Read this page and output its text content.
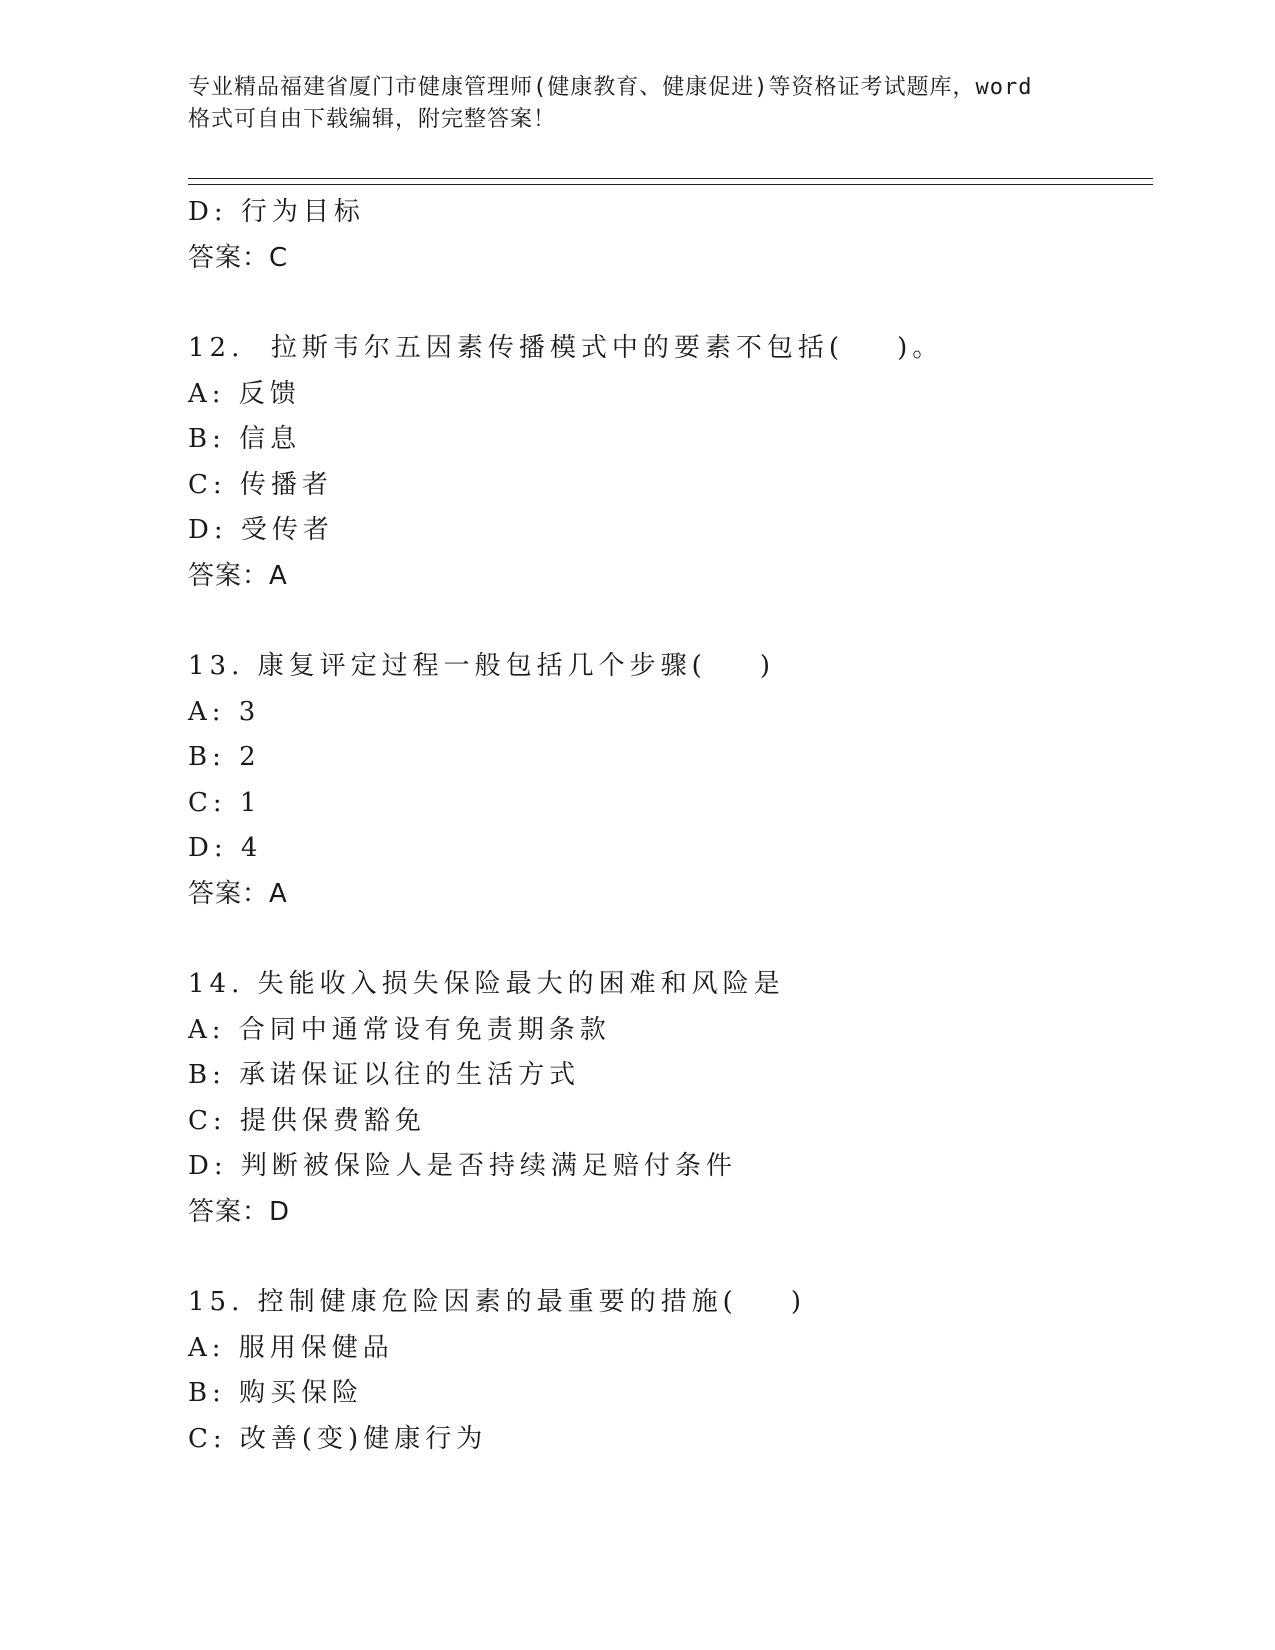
专业精品福建省厦门市健康管理师(健康教育、健康促进)等资格证考试题库，word
格式可自由下载编辑，附完整答案！
D: 行为目标
答案：C
12.  拉斯韦尔五因素传播模式中的要素不包括(    )。
A: 反馈
B: 信息
C: 传播者
D: 受传者
答案：A
13. 康复评定过程一般包括几个步骤(    )
A: 3
B: 2
C: 1
D: 4
答案：A
14. 失能收入损失保险最大的困难和风险是
A: 合同中通常设有免责期条款
B: 承诺保证以往的生活方式
C: 提供保费豁免
D: 判断被保险人是否持续满足赔付条件
答案：D
15. 控制健康危险因素的最重要的措施(    )
A: 服用保健品
B: 购买保险
C: 改善(变)健康行为
